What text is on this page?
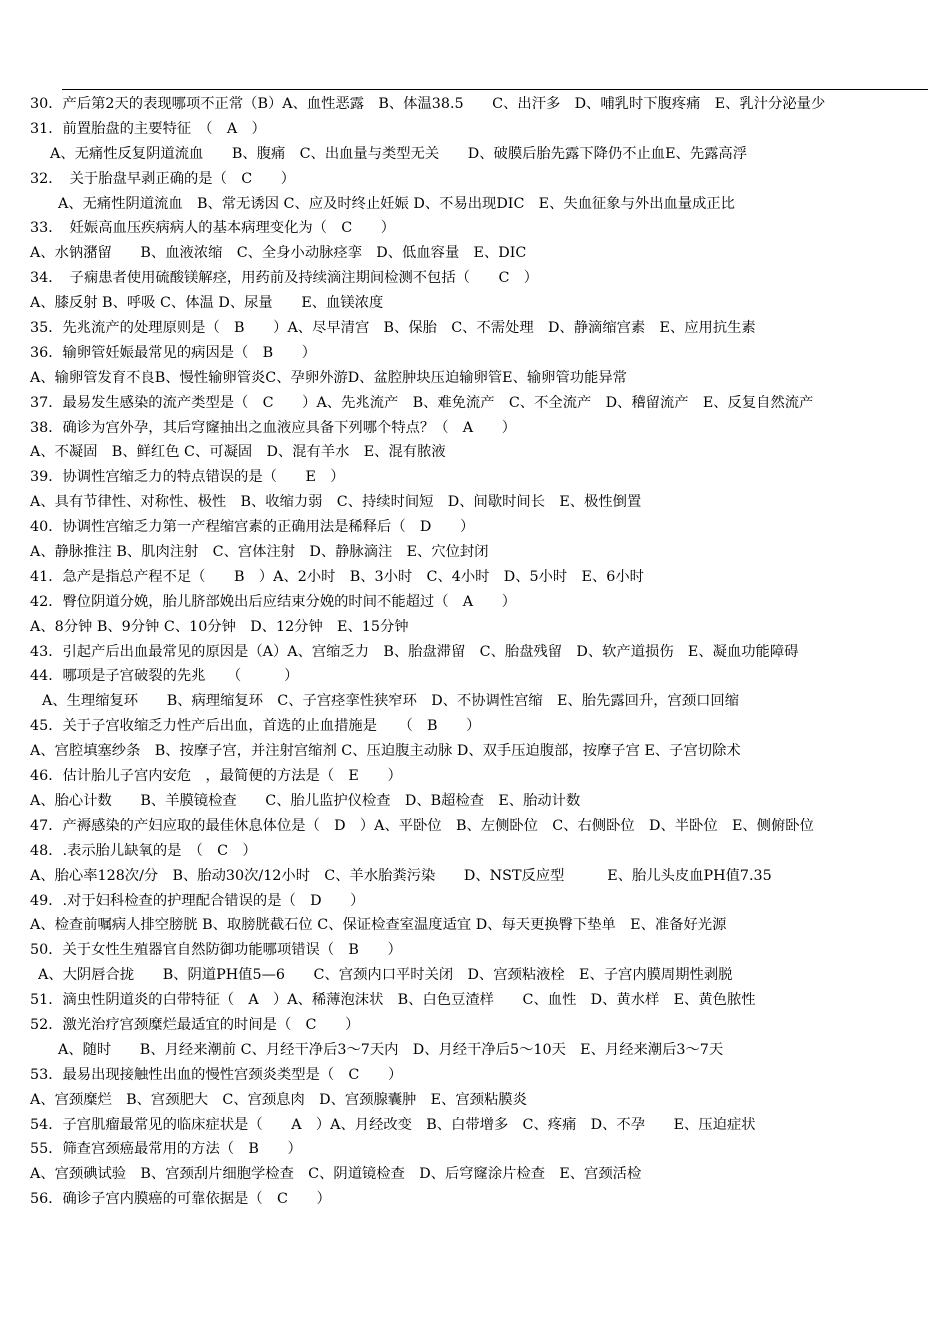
30．产后第2天的表现哪项不正常（B）A、血性恶露　B、体温38.5　　C、出汗多　D、哺乳时下腹疼痛　E、乳汁分泌量少
31．前置胎盘的主要特征　（　A　）
A、无痛性反复阴道流血　　B、腹痛　C、出血量与类型无关　　D、破膜后胎先露下降仍不止血E、先露高浮
32．　关于胎盘早剥正确的是（　C　　）
A、无痛性阴道流血　B、常无诱因 C、应及时终止妊娠 D、不易出现DIC　E、失血征象与外出血量成正比
33．　妊娠高血压疾病病人的基本病理变化为（　C　　）
A、水钠潴留　　B、血液浓缩　C、全身小动脉痉挛　D、低血容量　E、DIC
34．　子痫患者使用硫酸镁解痉，用药前及持续滴注期间检测不包括（　　C　）
A、膝反射 B、呼吸 C、体温 D、尿量　　E、血镁浓度
35．先兆流产的处理原则是（　B　　）A、尽早清宫　B、保胎　C、不需处理　D、静滴缩宫素　E、应用抗生素
36．输卵管妊娠最常见的病因是（　B　　）
A、输卵管发育不良B、慢性输卵管炎C、孕卵外游D、盆腔肿块压迫输卵管E、输卵管功能异常
37．最易发生感染的流产类型是（　C　　）A、先兆流产　B、难免流产　C、不全流产　D、稽留流产　E、反复自然流产
38．确诊为宫外孕，其后穹窿抽出之血液应具备下列哪个特点？（　A　　）
A、不凝固　B、鲜红色 C、可凝固　D、混有羊水　E、混有脓液
39．协调性宫缩乏力的特点错误的是（　　E　）
A、具有节律性、对称性、极性　B、收缩力弱　C、持续时间短　D、间歇时间长　E、极性倒置
40．协调性宫缩乏力第一产程缩宫素的正确用法是稀释后（　D　　）
A、静脉推注 B、肌肉注射　C、宫体注射　D、静脉滴注　E、穴位封闭
41．急产是指总产程不足（　　B　）A、2小时　B、3小时　C、4小时　D、5小时　E、6小时
42．臀位阴道分娩，胎儿脐部娩出后应结束分娩的时间不能超过（　A　　）
A、8分钟 B、9分钟 C、10分钟　D、12分钟　E、15分钟
43．引起产后出血最常见的原因是（A）A、宫缩乏力　B、胎盘滞留　C、胎盘残留　D、软产道损伤　E、凝血功能障碍
44．哪项是子宫破裂的先兆　　（　　　）
A、生理缩复环　　B、病理缩复环　C、子宫痉挛性狭窄环　D、不协调性宫缩　E、胎先露回升，宫颈口回缩
45．关于子宫收缩乏力性产后出血，首选的止血措施是　　（　B　　）
A、宫腔填塞纱条　B、按摩子宫，并注射宫缩剂 C、压迫腹主动脉 D、双手压迫腹部，按摩子宫 E、子宫切除术
46．估计胎儿子宫内安危　，最简便的方法是（　E　　）
A、胎心计数　　B、羊膜镜检查　　C、胎儿监护仪检查　D、B超检查　E、胎动计数
47．产褥感染的产妇应取的最佳休息体位是（　D　）A、平卧位　B、左侧卧位　C、右侧卧位　D、半卧位　E、侧俯卧位
48．.表示胎儿缺氧的是　（　C　）
A、胎心率128次/分　B、胎动30次/12小时　C、羊水胎粪污染　　D、NST反应型　　　E、胎儿头皮血PH值7.35
49．.对于妇科检查的护理配合错误的是（　D　　）
A、检查前嘱病人排空膀胱 B、取膀胱截石位 C、保证检查室温度适宜 D、每天更换臀下垫单　E、准备好光源
50．关于女性生殖器官自然防御功能哪项错误（　B　　）
A、大阴唇合拢　　B、阴道PH值5—6　　C、宫颈内口平时关闭　D、宫颈粘液栓　E、子宫内膜周期性剥脱
51．滴虫性阴道炎的白带特征（　A　）A、稀薄泡沫状　B、白色豆渣样　　C、血性　D、黄水样　E、黄色脓性
52．激光治疗宫颈糜烂最适宜的时间是（　C　　）
A、随时　　B、月经来潮前 C、月经干净后3～7天内　D、月经干净后5～10天　E、月经来潮后3～7天
53．最易出现接触性出血的慢性宫颈炎类型是（　C　　）
A、宫颈糜烂　B、宫颈肥大　C、宫颈息肉　D、宫颈腺囊肿　E、宫颈粘膜炎
54．子宫肌瘤最常见的临床症状是（　　A　）A、月经改变　B、白带增多　C、疼痛　D、不孕　　E、压迫症状
55．筛查宫颈癌最常用的方法（　B　　）
A、宫颈碘试验　B、宫颈刮片细胞学检查　C、阴道镜检查　D、后穹窿涂片检查　E、宫颈活检
56．确诊子宫内膜癌的可靠依据是（　C　　）
